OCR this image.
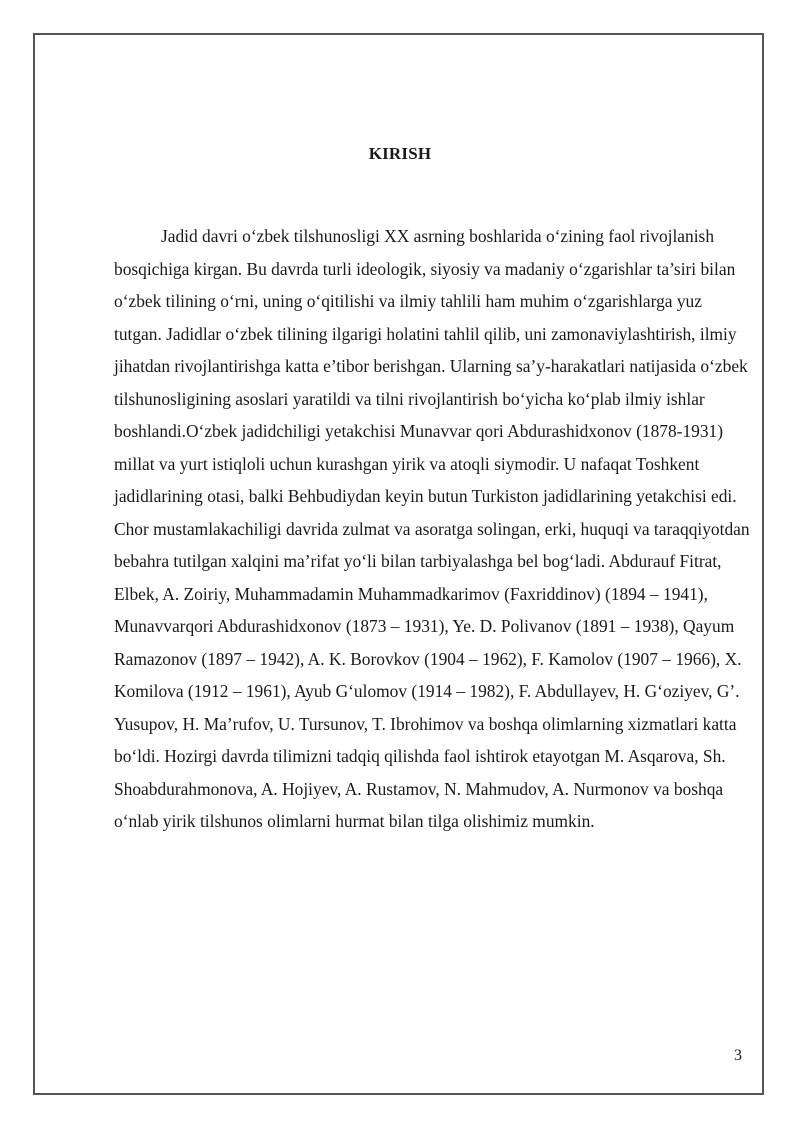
KIRISH

Jadid davri o‘zbek tilshunosligi XX asrning boshlarida o‘zining faol rivojlanish bosqichiga kirgan. Bu davrda turli ideologik, siyosiy va madaniy o‘zgarishlar ta’siri bilan o‘zbek tilining o‘rni, uning o‘qitilishi va ilmiy tahlili ham muhim o‘zgarishlarga yuz tutgan. Jadidlar o‘zbek tilining ilgarigi holatini tahlil qilib, uni zamonaviylashtirish, ilmiy jihatdan rivojlantirishga katta e’tibor berishgan. Ularning sa’y-harakatlari natijasida o‘zbek tilshunosligining asoslari yaratildi va tilni rivojlantirish bo‘yicha ko‘plab ilmiy ishlar boshlandi.O‘zbek jadidchiligi yetakchisi Munavvar qori Abdurashidxonov (1878-1931) millat va yurt istiqloli uchun kurashgan yirik va atoqli siymodir. U nafaqat Toshkent jadidlarining otasi, balki Behbudiydan keyin butun Turkiston jadidlarining yetakchisi edi. Chor mustamlakachiligi davrida zulmat va asoratga solingan, erki, huquqi va taraqqiyotdan bebahra tutilgan xalqini ma’rifat yo‘li bilan tarbiyalashga bel bog‘ladi. Abdurauf Fitrat, Elbek, A. Zoiriy, Muhammadamin Muhammadkarimov (Faxriddinov) (1894 – 1941), Munavvarqori Abdurashidxonov (1873 – 1931), Ye. D. Polivanov (1891 – 1938), Qayum Ramazonov (1897 – 1942), A. K. Borovkov (1904 – 1962), F. Kamolov (1907 – 1966), X. Komilova (1912 – 1961), Ayub G‘ulomov (1914 – 1982), F. Abdullayev, H. G‘oziyev, G’. Yusupov, H. Ma’rufov, U. Tursunov, T. Ibrohimov va boshqa olimlarning xizmatlari katta bo‘ldi. Hozirgi davrda tilimizni tadqiq qilishda faol ishtirok etayotgan M. Asqarova, Sh. Shoabdurahmonova, A. Hojiyev, A. Rustamov, N. Mahmudov, A. Nurmonov va boshqa o‘nlab yirik tilshunos olimlarni hurmat bilan tilga olishimiz mumkin.

3
